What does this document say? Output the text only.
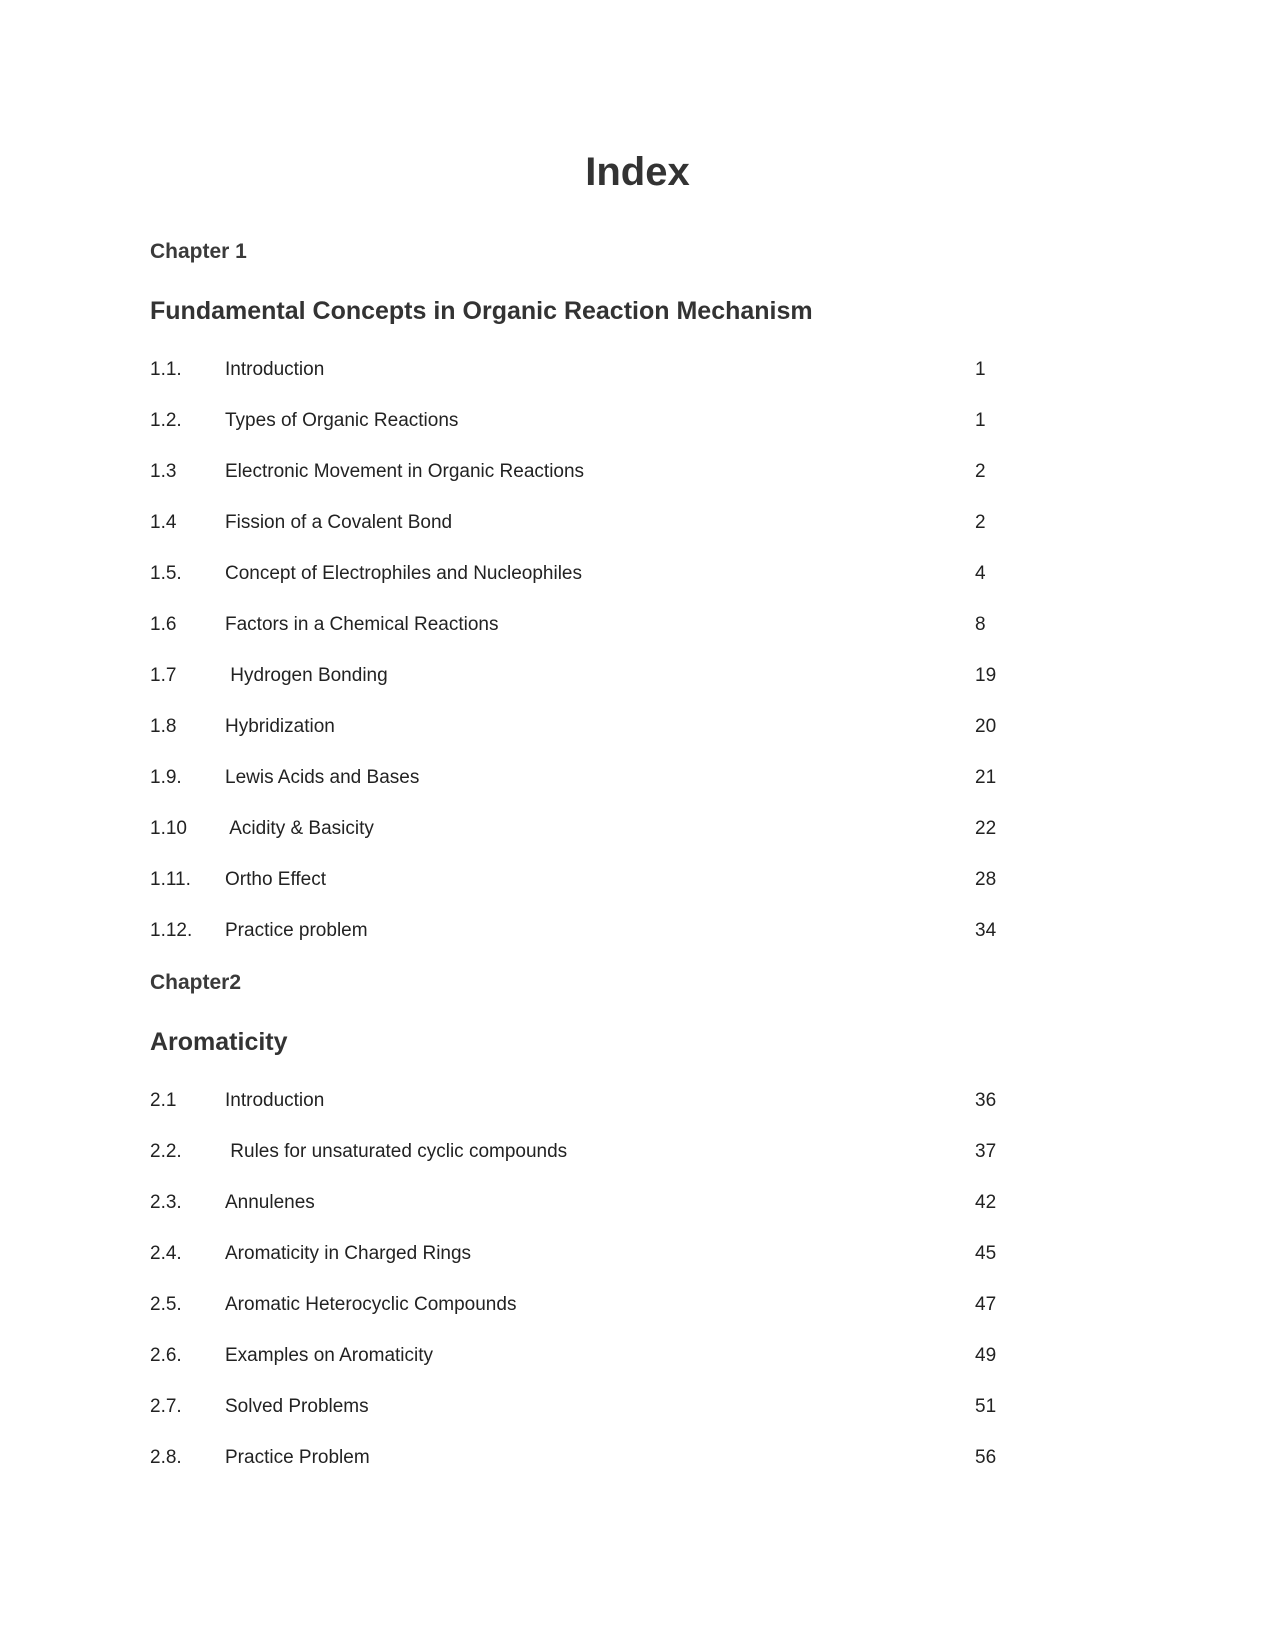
Index
Chapter 1
Fundamental Concepts in Organic Reaction Mechanism
1.1. Introduction	1
1.2. Types of Organic Reactions	1
1.3	Electronic Movement in Organic Reactions	2
1.4	Fission of a Covalent Bond	2
1.5. Concept of Electrophiles and Nucleophiles	4
1.6	Factors in a Chemical Reactions	8
1.7	Hydrogen Bonding	19
1.8	Hybridization	20
1.9. Lewis Acids and Bases	21
1.10 Acidity & Basicity	22
1.11. Ortho Effect	28
1.12. Practice problem	34
Chapter2
Aromaticity
2.1	Introduction	36
2.2. Rules for unsaturated cyclic compounds	37
2.3. Annulenes	42
2.4. Aromaticity in Charged Rings	45
2.5. Aromatic Heterocyclic Compounds	47
2.6. Examples on Aromaticity	49
2.7. Solved Problems	51
2.8. Practice Problem	56
